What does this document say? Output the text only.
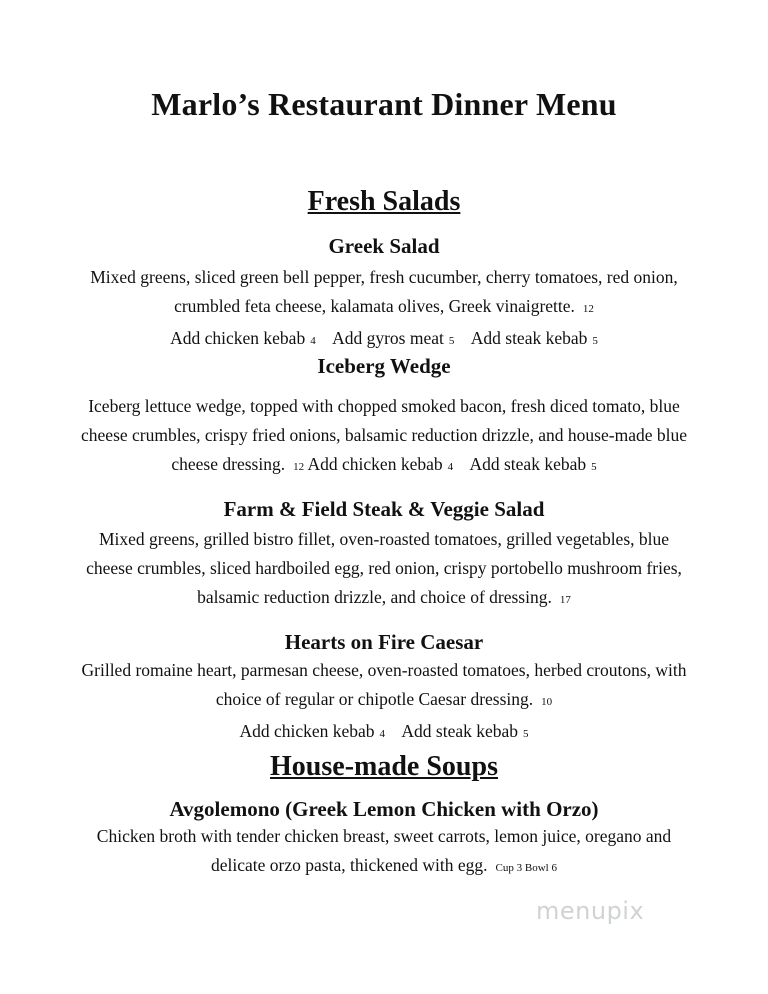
Marlo’s Restaurant Dinner Menu
Fresh Salads
Greek Salad
Mixed greens, sliced green bell pepper, fresh cucumber, cherry tomatoes, red onion, crumbled feta cheese, kalamata olives, Greek vinaigrette. 12
Add chicken kebab 4 Add gyros meat 5 Add steak kebab 5
Iceberg Wedge
Iceberg lettuce wedge, topped with chopped smoked bacon, fresh diced tomato, blue cheese crumbles, crispy fried onions, balsamic reduction drizzle, and house-made blue cheese dressing. 12 Add chicken kebab 4 Add steak kebab 5
Farm & Field Steak & Veggie Salad
Mixed greens, grilled bistro fillet, oven-roasted tomatoes, grilled vegetables, blue cheese crumbles, sliced hardboiled egg, red onion, crispy portobello mushroom fries, balsamic reduction drizzle, and choice of dressing. 17
Hearts on Fire Caesar
Grilled romaine heart, parmesan cheese, oven-roasted tomatoes, herbed croutons, with choice of regular or chipotle Caesar dressing. 10
Add chicken kebab 4 Add steak kebab 5
House-made Soups
Avgolemono (Greek Lemon Chicken with Orzo)
Chicken broth with tender chicken breast, sweet carrots, lemon juice, oregano and delicate orzo pasta, thickened with egg. Cup 3 Bowl 6
menupix
